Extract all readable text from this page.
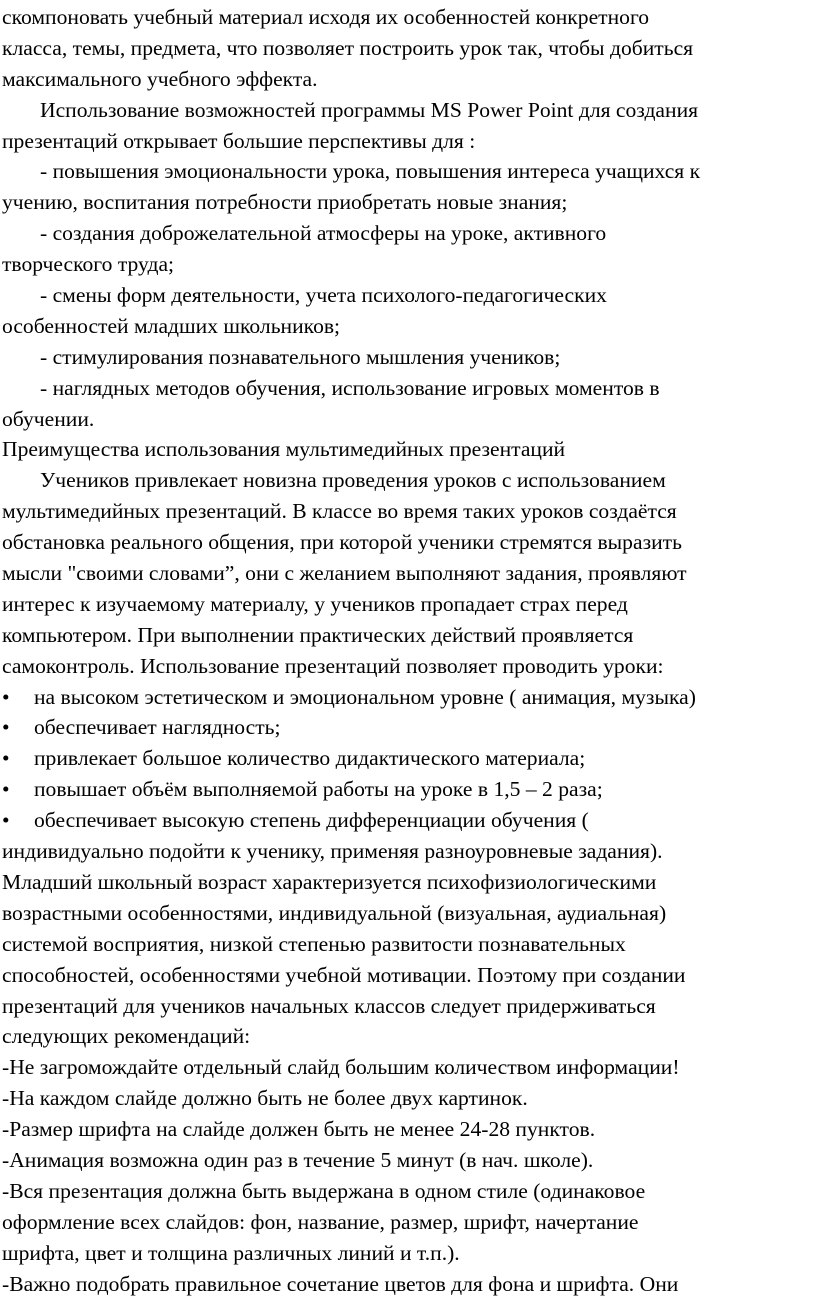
скомпоновать учебный материал исходя их особенностей конкретного
класса, темы, предмета, что позволяет построить урок так, чтобы добиться
максимального учебного эффекта.
Использование возможностей программы MS Power Point для создания
презентаций открывает большие перспективы для :
- повышения эмоциональности урока, повышения интереса учащихся к
учению, воспитания потребности приобретать новые знания;
- создания доброжелательной атмосферы на уроке, активного
творческого труда;
- смены форм деятельности, учета психолого-педагогических
особенностей младших школьников;
- стимулирования познавательного мышления учеников;
- наглядных методов обучения, использование игровых моментов в
обучении.
Преимущества использования мультимедийных презентаций
Учеников привлекает новизна проведения уроков с использованием
мультимедийных презентаций. В классе во время таких уроков создаётся
обстановка реального общения, при которой ученики стремятся выразить
мысли "своими словами”, они с желанием выполняют задания, проявляют
интерес к изучаемому материалу, у учеников пропадает страх перед
компьютером. При выполнении практических действий проявляется
самоконтроль. Использование презентаций позволяет проводить уроки:
• на высоком эстетическом и эмоциональном уровне ( анимация, музыка)
• обеспечивает наглядность;
• привлекает большое количество дидактического материала;
• повышает объём выполняемой работы на уроке в 1,5 – 2 раза;
• обеспечивает высокую степень дифференциации обучения (
индивидуально подойти к ученику, применяя разноуровневые задания).
Младший школьный возраст характеризуется психофизиологическими
возрастными особенностями, индивидуальной (визуальная, аудиальная)
системой восприятия, низкой степенью развитости познавательных
способностей, особенностями учебной мотивации. Поэтому при создании
презентаций для учеников начальных классов следует придерживаться
следующих рекомендаций:
-Не загромождайте отдельный слайд большим количеством информации!
-На каждом слайде должно быть не более двух картинок.
-Размер шрифта на слайде должен быть не менее 24-28 пунктов.
-Анимация возможна один раз в течение 5 минут (в нач. школе).
-Вся презентация должна быть выдержана в одном стиле (одинаковое
оформление всех слайдов: фон, название, размер, шрифт, начертание
шрифта, цвет и толщина различных линий и т.п.).
-Важно подобрать правильное сочетание цветов для фона и шрифта. Они
